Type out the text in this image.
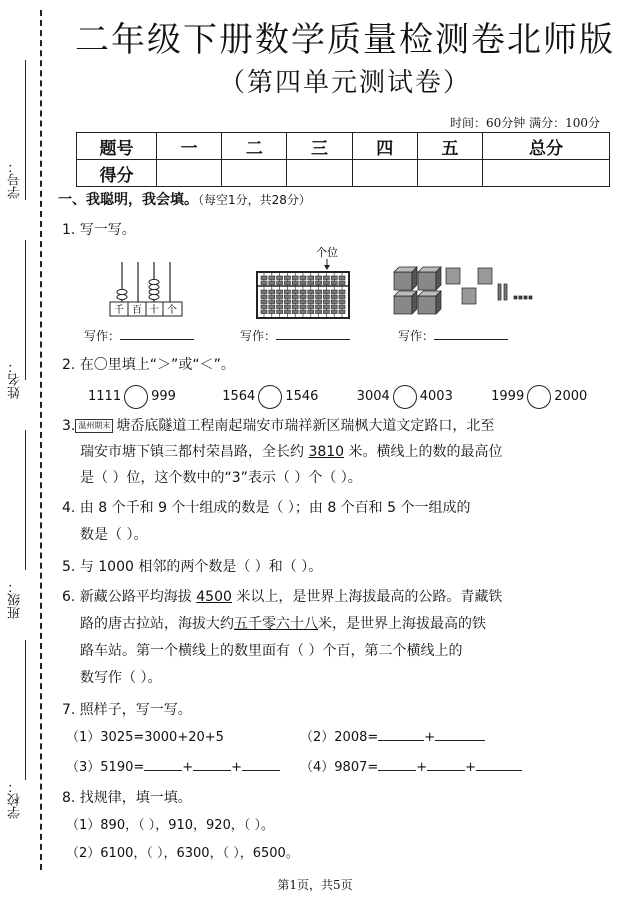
学号：
姓名：
班级：
学校：
二年级下册数学质量检测卷北师版
（第四单元测试卷）
时间：60分钟 满分：100分
题号	一	二	三	四	五	总分
得分						
一、我聪明，我会填。（每空1分，共28分）
1. 写一写。
千 百 十 个
写作：
个位
写作：	写作：
2. 在〇里填上“＞”或“＜”。
1111 999	1564 1546	3004 4003	1999 2000
3. 温州期末 塘岙底隧道工程南起瑞安市瑞祥新区瑞枫大道文定路口，北至
瑞安市塘下镇三都村荣昌路，全长约 3810 米。横线上的数的最高位
是（ ）位，这个数中的“3”表示（ ）个（ ）。
4. 由 8 个千和 9 个十组成的数是（ ）；由 8 个百和 5 个一组成的
数是（ ）。
5. 与 1000 相邻的两个数是（ ）和（ ）。
6. 新藏公路平均海拔 4500 米以上，是世界上海拔最高的公路。青藏铁
路的唐古拉站，海拔大约五千零六十八米，是世界上海拔最高的铁
路车站。第一个横线上的数里面有（ ）个百，第二个横线上的
数写作（ ）。
7. 照样子，写一写。
（1）3025=3000+20+5	（2）2008=	+
（3）5190=	+	+	（4）9807=	+	+
8. 找规律，填一填。
（1）890，（ ），910，920，（ ）。
（2）6100，（ ），6300，（ ），6500。
第1页，共5页
